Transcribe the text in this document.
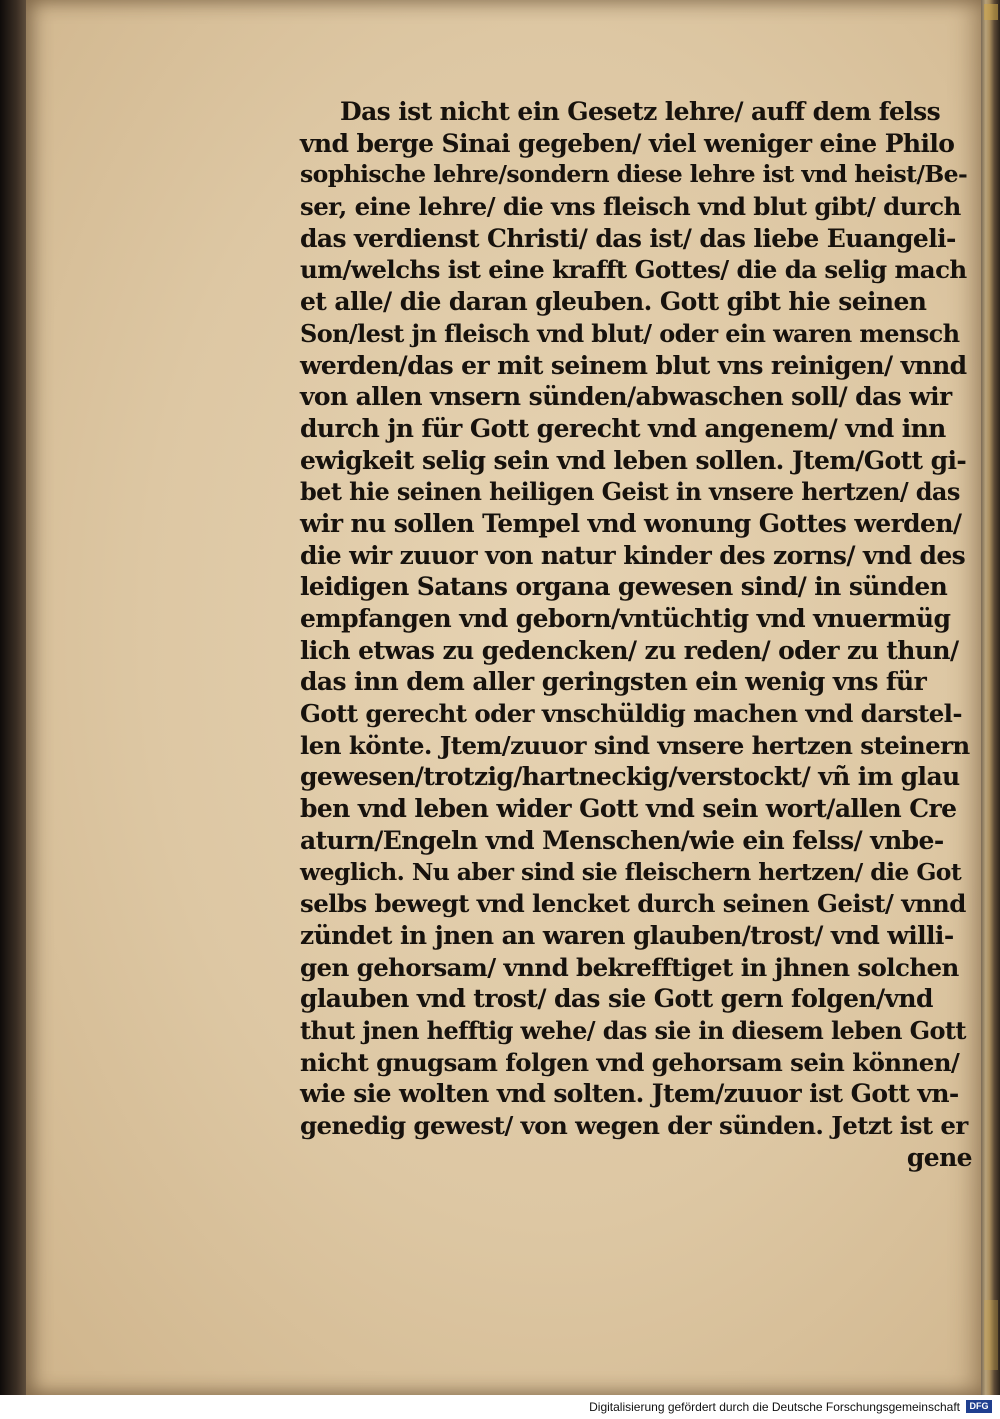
Das ist nicht ein Gesetz lehre/ auff dem felss
vnd berge Sinai gegeben/ viel weniger eine Philo
sophische lehre/sondern diese lehre ist vnd heist/Be-
ser, eine lehre/ die vns fleisch vnd blut gibt/ durch
das verdienst Christi/ das ist/ das liebe Euangeli-
um/welchs ist eine krafft Gottes/ die da selig mach
et alle/ die daran gleuben. Gott gibt hie seinen
Son/lest jn fleisch vnd blut/ oder ein waren mensch
werden/das er mit seinem blut vns reinigen/ vnnd
von allen vnsern sünden/abwaschen soll/ das wir
durch jn für Gott gerecht vnd angenem/ vnd inn
ewigkeit selig sein vnd leben sollen. Jtem/Gott gi-
bet hie seinen heiligen Geist in vnsere hertzen/ das
wir nu sollen Tempel vnd wonung Gottes werden/
die wir zuuor von natur kinder des zorns/ vnd des
leidigen Satans organa gewesen sind/ in sünden
empfangen vnd geborn/vntüchtig vnd vnuermüg
lich etwas zu gedencken/ zu reden/ oder zu thun/
das inn dem aller geringsten ein wenig vns für
Gott gerecht oder vnschüldig machen vnd darstel-
len könte. Jtem/zuuor sind vnsere hertzen steinern
gewesen/trotzig/hartneckig/verstockt/ vñ im glau
ben vnd leben wider Gott vnd sein wort/allen Cre
aturn/Engeln vnd Menschen/wie ein felss/ vnbe-
weglich. Nu aber sind sie fleischern hertzen/ die Got
selbs bewegt vnd lencket durch seinen Geist/ vnnd
zündet in jnen an waren glauben/trost/ vnd willi-
gen gehorsam/ vnnd bekrefftiget in jhnen solchen
glauben vnd trost/ das sie Gott gern folgen/vnd
thut jnen hefftig wehe/ das sie in diesem leben Gott
nicht gnugsam folgen vnd gehorsam sein können/
wie sie wolten vnd solten. Jtem/zuuor ist Gott vn-
genedig gewest/ von wegen der sünden. Jetzt ist er
gene
Digitalisierung gefördert durch die Deutsche Forschungsgemeinschaft	DFG
